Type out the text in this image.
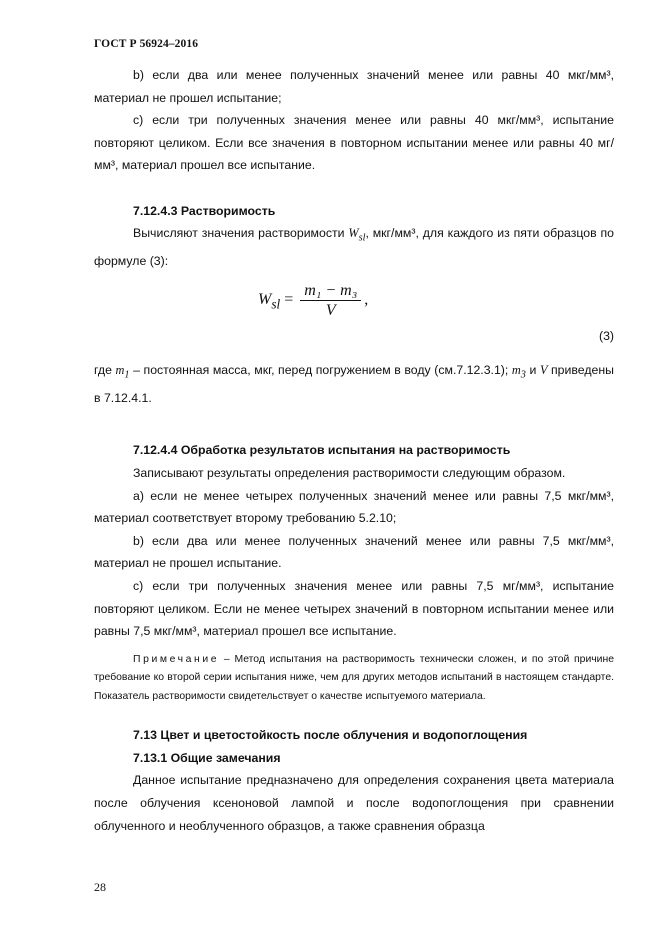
ГОСТ Р 56924–2016

b) если два или менее полученных значений менее или равны 40 мкг/мм³, материал не прошел испытание;

c) если три полученных значения менее или равны 40 мкг/мм³, испытание повторяют целиком. Если все значения в повторном испытании менее или равны 40 мг/мм³, материал прошел все испытание.

7.12.4.3 Растворимость

Вычисляют значения растворимости $W_{sl}$, мкг/мм³, для каждого из пяти образцов по формуле (3):

$W_{sl} = \frac{\text{m₁ − m₃}}{V}$ ,
(3)

где $m_1$ – постоянная масса, мкг, перед погружением в воду (см.7.12.3.1); $m_3$ и V приведены в 7.12.4.1.

7.12.4.4 Обработка результатов испытания на растворимость

Записывают результаты определения растворимости следующим образом.

a) если не менее четырех полученных значений менее или равны 7,5 мкг/мм³, материал соответствует второму требованию 5.2.10;

b) если два или менее полученных значений менее или равны 7,5 мкг/мм³, материал не прошел испытание.

c) если три полученных значения менее или равны 7,5 мг/мм³, испытание повторяют целиком. Если не менее четырех значений в повторном испытании менее или равны 7,5 мкг/мм³, материал прошел все испытание.

Примечание – Метод испытания на растворимость технически сложен, и по этой причине требование ко второй серии испытания ниже, чем для других методов испытаний в настоящем стандарте. Показатель растворимости свидетельствует о качестве испытуемого материала.

7.13 Цвет и цветостойкость после облучения и водопоглощения

7.13.1 Общие замечания

Данное испытание предназначено для определения сохранения цвета материала после облучения ксеноновой лампой и после водопоглощения при сравнении облученного и необлученного образцов, а также сравнения образца

28
